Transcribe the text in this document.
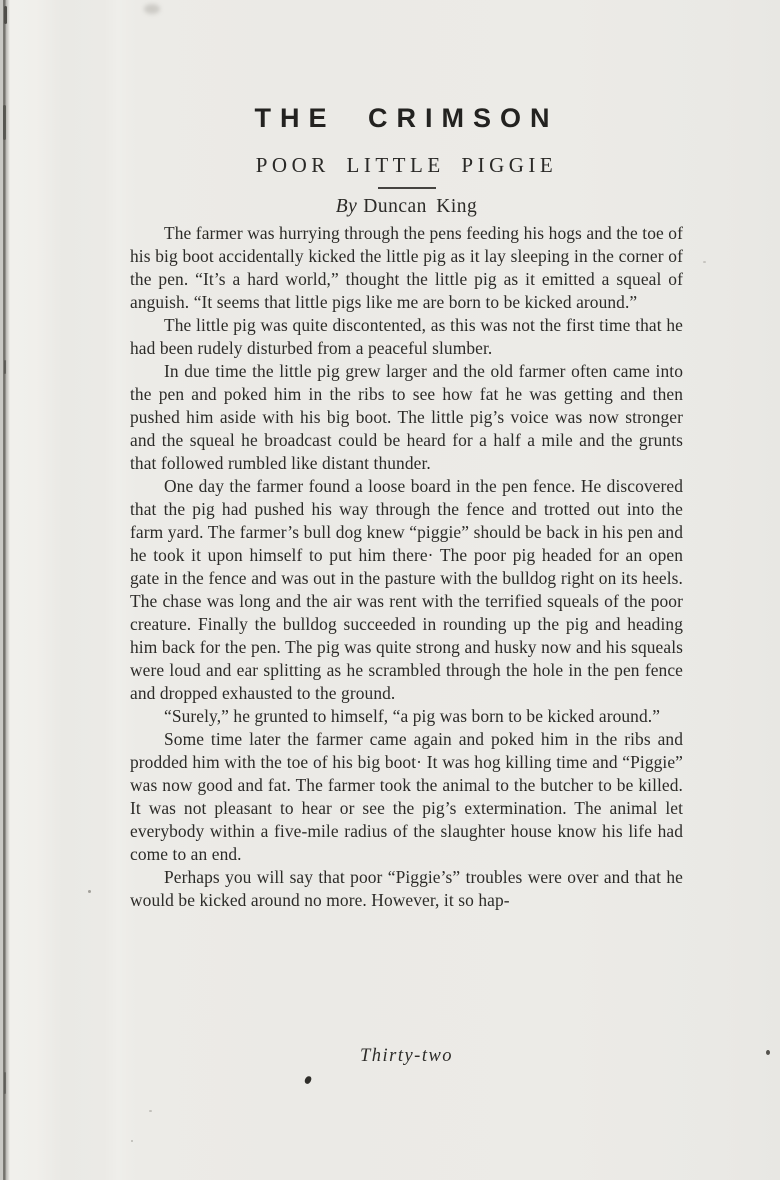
THE CRIMSON
POOR LITTLE PIGGIE
By Duncan King

The farmer was hurrying through the pens feeding his hogs and the toe of his big boot accidentally kicked the little pig as it lay sleeping in the corner of the pen. “It’s a hard world,” thought the little pig as it emitted a squeal of anguish. “It seems that little pigs like me are born to be kicked around.”

The little pig was quite discontented, as this was not the first time that he had been rudely disturbed from a peaceful slumber.

In due time the little pig grew larger and the old farmer often came into the pen and poked him in the ribs to see how fat he was getting and then pushed him aside with his big boot. The little pig’s voice was now stronger and the squeal he broadcast could be heard for a half a mile and the grunts that followed rumbled like distant thunder.

One day the farmer found a loose board in the pen fence. He discovered that the pig had pushed his way through the fence and trotted out into the farm yard. The farmer’s bull dog knew “piggie” should be back in his pen and he took it upon himself to put him there· The poor pig headed for an open gate in the fence and was out in the pasture with the bulldog right on its heels. The chase was long and the air was rent with the terrified squeals of the poor creature. Finally the bulldog succeeded in rounding up the pig and heading him back for the pen. The pig was quite strong and husky now and his squeals were loud and ear splitting as he scrambled through the hole in the pen fence and dropped exhausted to the ground.

“Surely,” he grunted to himself, “a pig was born to be kicked around.”

Some time later the farmer came again and poked him in the ribs and prodded him with the toe of his big boot· It was hog killing time and “Piggie” was now good and fat. The farmer took the animal to the butcher to be killed. It was not pleasant to hear or see the pig’s extermination. The animal let everybody within a five-mile radius of the slaughter house know his life had come to an end.

Perhaps you will say that poor “Piggie’s” troubles were over and that he would be kicked around no more. However, it so hap-

Thirty-two
